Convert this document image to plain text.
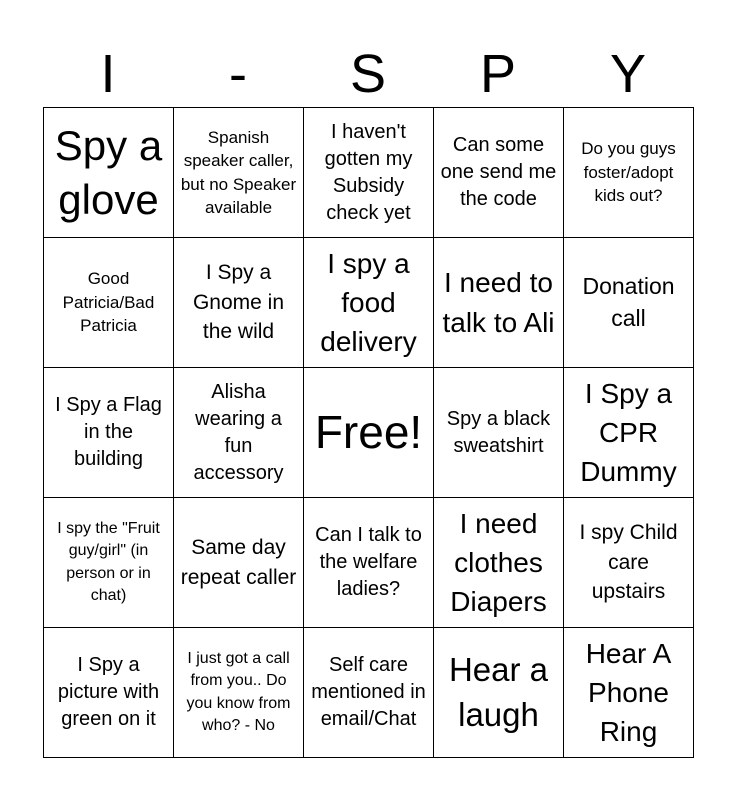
I	-	S	P	Y
Spy a glove	Spanish speaker caller, but no Speaker available	I haven't gotten my Subsidy check yet	Can some one send me the code	Do you guys foster/adopt kids out?
Good Patricia/Bad Patricia	I Spy a Gnome in the wild	I spy a food delivery	I need to talk to Ali	Donation call
I Spy a Flag in the building	Alisha wearing a fun accessory	Free!	Spy a black sweatshirt	I Spy a CPR Dummy
I spy the "Fruit guy/girl" (in person or in chat)	Same day repeat caller	Can I talk to the welfare ladies?	I need clothes Diapers	I spy Child care upstairs
I Spy a picture with green on it	I just got a call from you.. Do you know from who? - No	Self care mentioned in email/Chat	Hear a laugh	Hear A Phone Ring
